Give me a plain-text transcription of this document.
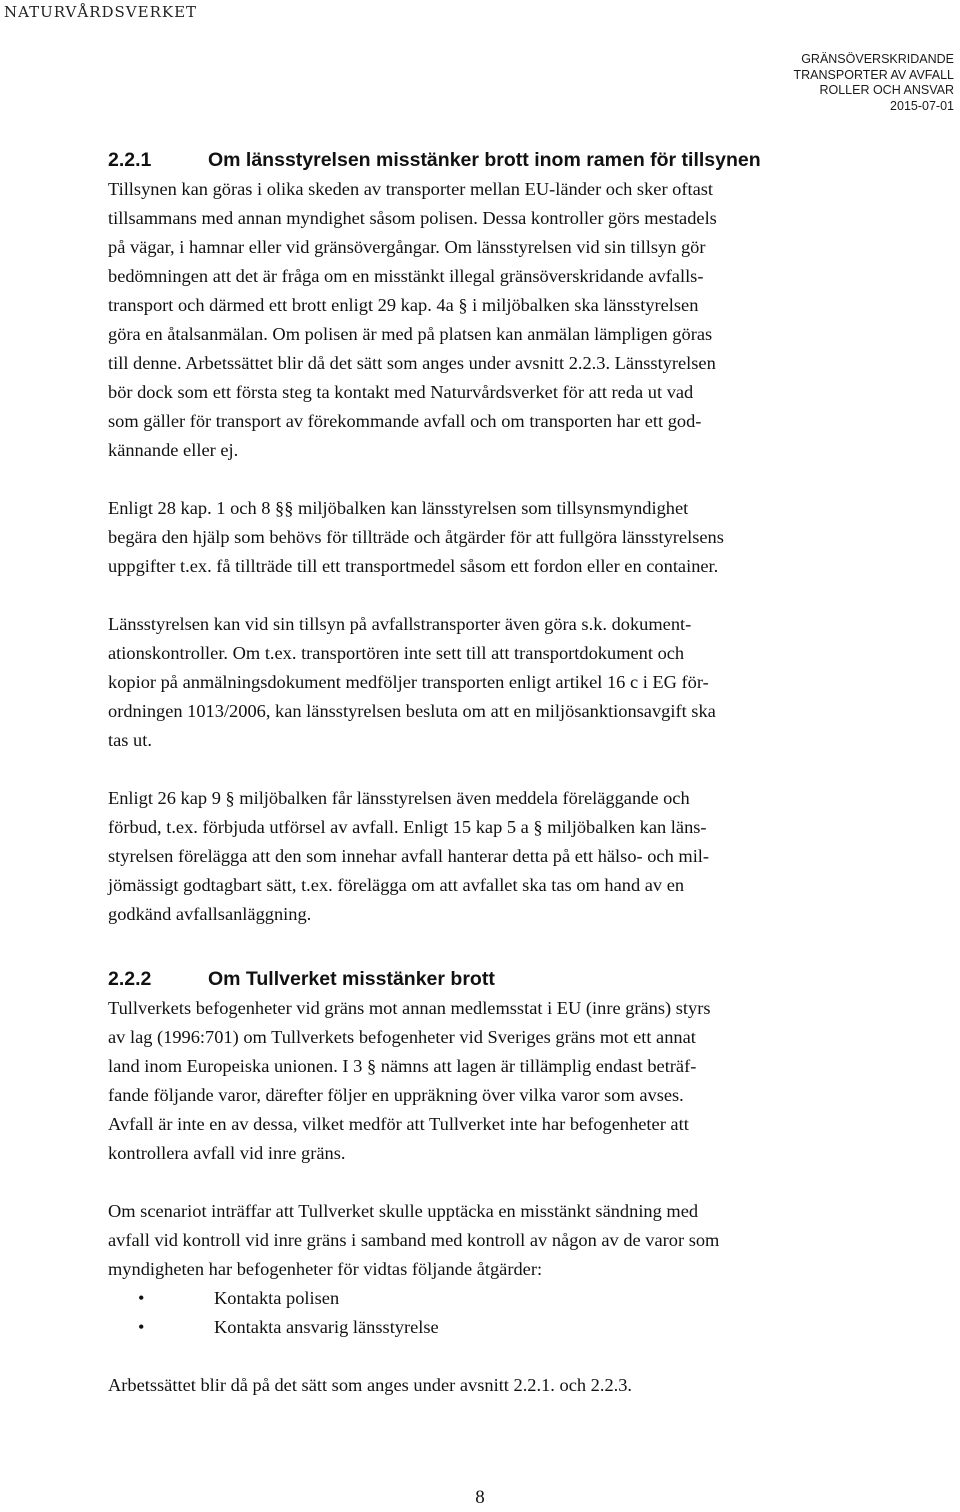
NATURVÅRDSVERKET
GRÄNSÖVERSKRIDANDE
TRANSPORTER AV AVFALL
ROLLER OCH ANSVAR
2015-07-01
2.2.1	Om länsstyrelsen misstänker brott inom ramen för tillsynen
Tillsynen kan göras i olika skeden av transporter mellan EU-länder och sker oftast
tillsammans med annan myndighet såsom polisen. Dessa kontroller görs mestadels
på vägar, i hamnar eller vid gränsövergångar. Om länsstyrelsen vid sin tillsyn gör
bedömningen att det är fråga om en misstänkt illegal gränsöverskridande avfalls-
transport och därmed ett brott enligt 29 kap. 4a § i miljöbalken ska länsstyrelsen
göra en åtalsanmälan. Om polisen är med på platsen kan anmälan lämpligen göras
till denne. Arbetssättet blir då det sätt som anges under avsnitt 2.2.3. Länsstyrelsen
bör dock som ett första steg ta kontakt med Naturvårdsverket för att reda ut vad
som gäller för transport av förekommande avfall och om transporten har ett god-
kännande eller ej.
Enligt 28 kap. 1 och 8 §§ miljöbalken kan länsstyrelsen som tillsynsmyndighet
begära den hjälp som behövs för tillträde och åtgärder för att fullgöra länsstyrelsens
uppgifter t.ex. få tillträde till ett transportmedel såsom ett fordon eller en container.
Länsstyrelsen kan vid sin tillsyn på avfallstransporter även göra s.k. dokument-
ationskontroller. Om t.ex. transportören inte sett till att transportdokument och
kopior på anmälningsdokument medföljer transporten enligt artikel 16 c i EG för-
ordningen 1013/2006, kan länsstyrelsen besluta om att en miljösanktionsavgift ska
tas ut.
Enligt 26 kap 9 § miljöbalken får länsstyrelsen även meddela föreläggande och
förbud, t.ex. förbjuda utförsel av avfall. Enligt 15 kap 5 a § miljöbalken kan läns-
styrelsen förelägga att den som innehar avfall hanterar detta på ett hälso- och mil-
jömässigt godtagbart sätt, t.ex. förelägga om att avfallet ska tas om hand av en
godkänd avfallsanläggning.
2.2.2	Om Tullverket misstänker brott
Tullverkets befogenheter vid gräns mot annan medlemsstat i EU (inre gräns) styrs
av lag (1996:701) om Tullverkets befogenheter vid Sveriges gräns mot ett annat
land inom Europeiska unionen. I 3 § nämns att lagen är tillämplig endast beträf-
fande följande varor, därefter följer en uppräkning över vilka varor som avses.
Avfall är inte en av dessa, vilket medför att Tullverket inte har befogenheter att
kontrollera avfall vid inre gräns.
Om scenariot inträffar att Tullverket skulle upptäcka en misstänkt sändning med
avfall vid kontroll vid inre gräns i samband med kontroll av någon av de varor som
myndigheten har befogenheter för vidtas följande åtgärder:
•	Kontakta polisen
•	Kontakta ansvarig länsstyrelse
Arbetssättet blir då på det sätt som anges under avsnitt 2.2.1. och 2.2.3.
8
